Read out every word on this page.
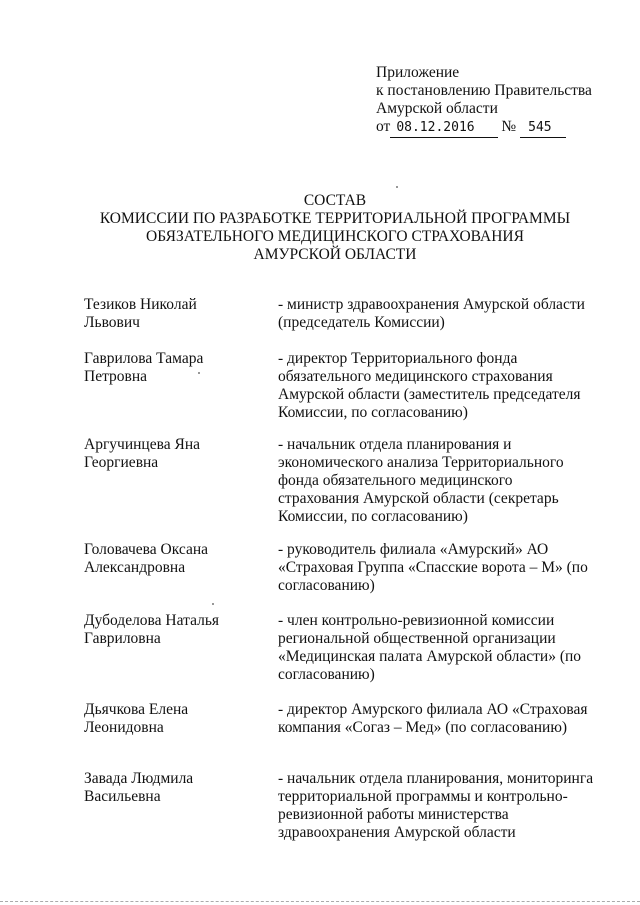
Приложение
к постановлению Правительства
Амурской области
от 08.12.2016 № 545
СОСТАВ
КОМИССИИ ПО РАЗРАБОТКЕ ТЕРРИТОРИАЛЬНОЙ ПРОГРАММЫ
ОБЯЗАТЕЛЬНОГО МЕДИЦИНСКОГО СТРАХОВАНИЯ
АМУРСКОЙ ОБЛАСТИ
Тезиков Николай
Львович
- министр здравоохранения Амурской области
(председатель Комиссии)
Гаврилова Тамара
Петровна
- директор Территориального фонда
обязательного медицинского страхования
Амурской области (заместитель председателя
Комиссии, по согласованию)
Аргучинцева Яна
Георгиевна
- начальник отдела планирования и
экономического анализа Территориального
фонда обязательного медицинского
страхования Амурской области (секретарь
Комиссии, по согласованию)
Головачева Оксана
Александровна
- руководитель филиала «Амурский» АО
«Страховая Группа «Спасские ворота – М» (по
согласованию)
Дубоделова Наталья
Гавриловна
- член контрольно-ревизионной комиссии
региональной общественной организации
«Медицинская палата Амурской области» (по
согласованию)
Дьячкова Елена
Леонидовна
- директор Амурского филиала АО «Страховая
компания «Согаз – Мед» (по согласованию)
Завада Людмила
Васильевна
- начальник отдела планирования, мониторинга
территориальной программы и контрольно-
ревизионной работы министерства
здравоохранения Амурской области
